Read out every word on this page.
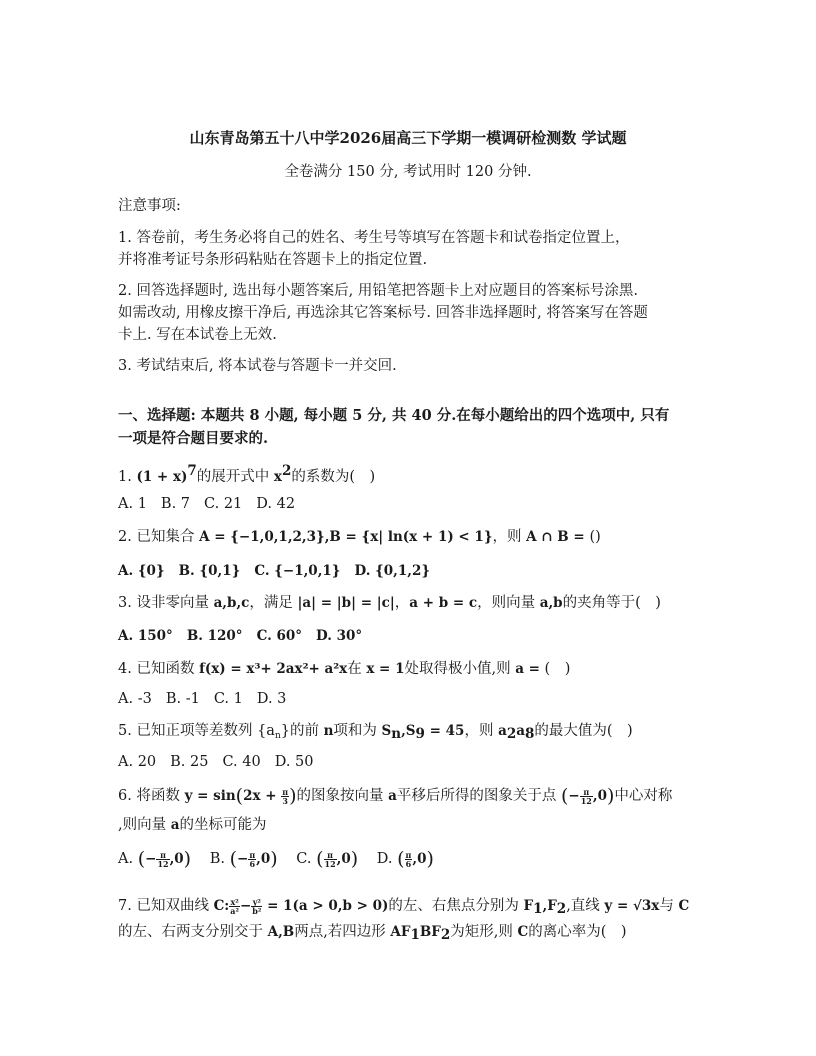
山东青岛第五十八中学2026届高三下学期一模调研检测数 学试题
全卷满分 150 分, 考试用时 120 分钟.
注意事项:
1. 答卷前，考生务必将自己的姓名、考生号等填写在答题卡和试卷指定位置上，
并将准考证号条形码粘贴在答题卡上的指定位置.
2. 回答选择题时, 选出每小题答案后, 用铅笔把答题卡上对应题目的答案标号涂黑.
如需改动, 用橡皮擦干净后, 再选涂其它答案标号. 回答非选择题时, 将答案写在答题
卡上. 写在本试卷上无效.
3. 考试结束后, 将本试卷与答题卡一并交回.
一、选择题: 本题共 8 小题, 每小题 5 分, 共 40 分.在每小题给出的四个选项中, 只有
一项是符合题目要求的.
1. $(1 + x)^7$的展开式中 $x^2$的系数为(　)
A. 1 B. 7 C. 21 D. 42
2. 已知集合 A = {−1,0,1,2,3},B = {x| ln(x + 1) < 1}，则 A ∩ B = ()
A. {0} B. {0,1} C. {−1,0,1} D. {0,1,2}
3. 设非零向量 a,b,c，满足 |a| = |b| = |c|，a + b = c，则向量 a,b的夹角等于(　)
A. 150° B. 120° C. 60° D. 30°
4. 已知函数 f(x) = x³+ 2ax²+ a²x在 x = 1处取得极小值,则 a = (　)
A. -3 B. -1 C. 1 D. 3
5. 已知正项等差数列 $\{a_n\}$的前 n项和为 $S_n,S_9 = 45$，则 $a_2a_8$的最大值为(　)
A. 20 B. 25 C. 40 D. 50
6. 将函数 $y = \sin(2x + \frac{\pi}{3}$ )的图象按向量 a平移后所得的图象关于点 (− $\frac{\pi}{12} ,0$)中心对称
,则向量 a的坐标可能为
A. (− $\frac{\pi}{12} ,0$) B. (− $\frac{\pi}{6} ,0$) C. ( $\frac{\pi}{12} ,0$) D. ( $\frac{\pi}{6} ,0$)
7. 已知双曲线 C: $\frac{\text{x²}}{\text{a²}} - \frac{\text{y²}}{\text{b²}} = 1(a > 0,b > 0)$的左、右焦点分别为 $F_1,F_2$,直线 y = √3x与 C
的左、右两支分别交于 A,B两点,若四边形 $AF_1BF_2$为矩形,则 C的离心率为(　)
